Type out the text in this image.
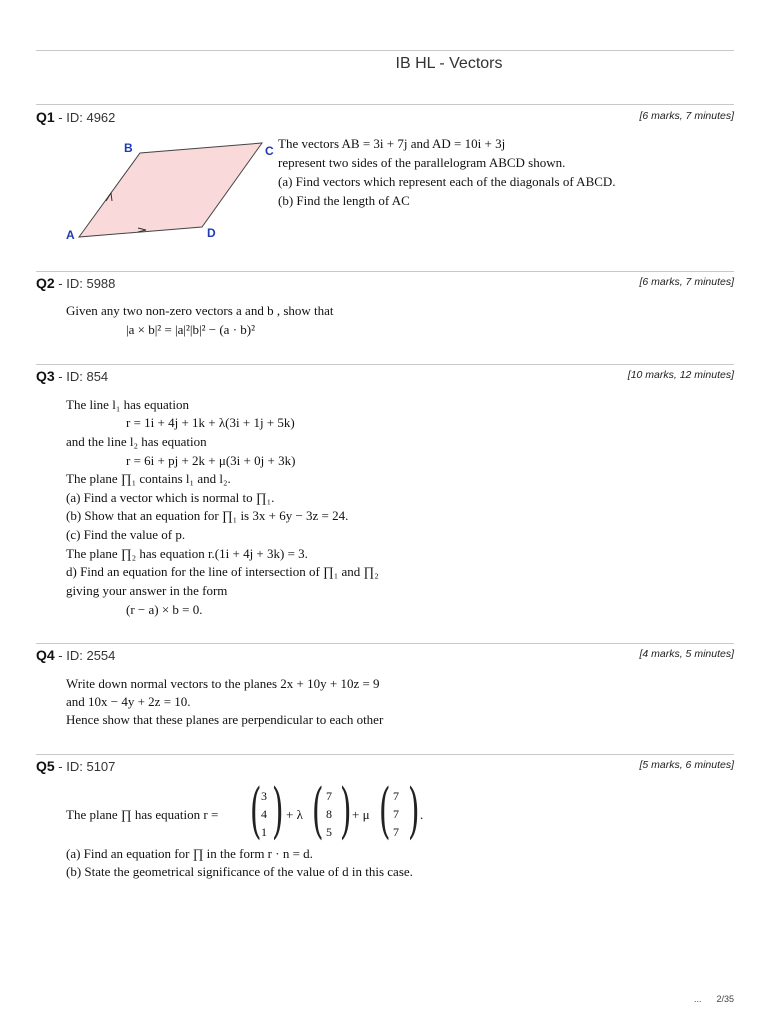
IB HL - Vectors
Q1 - ID: 4962	[6 marks, 7 minutes]
A
B	C
D
The vectors AB = 3i + 7j and AD = 10i + 3j
represent two sides of the parallelogram ABCD shown.
(a) Find vectors which represent each of the diagonals of ABCD.
(b) Find the length of AC
Q2 - ID: 5988	[6 marks, 7 minutes]
Given any two non-zero vectors a and b , show that
|a × b|² = |a|²|b|² − (a · b)²
Q3 - ID: 854	[10 marks, 12 minutes]
The line l₁ has equation
r = 1i + 4j + 1k + λ(3i + 1j + 5k)
and the line l₂ has equation
r = 6i + pj + 2k + μ(3i + 0j + 3k)
The plane ∏₁ contains l₁ and l₂.
(a) Find a vector which is normal to ∏₁.
(b) Show that an equation for ∏₁ is 3x + 6y − 3z = 24.
(c) Find the value of p.
The plane ∏₂ has equation r.(1i + 4j + 3k) = 3.
d) Find an equation for the line of intersection of ∏₁ and ∏₂
giving your answer in the form
(r − a) × b = 0.
Q4 - ID: 2554	[4 marks, 5 minutes]
Write down normal vectors to the planes 2x + 10y + 10z = 9
and 10x − 4y + 2z = 10.
Hence show that these planes are perpendicular to each other
Q5 - ID: 5107	[5 marks, 6 minutes]
The plane ∏ has equation r = ( 3
4
1 ) + λ ( 7
8
5 ) + μ ( 7
7
7 ) .
(a) Find an equation for ∏ in the form r · n = d.
(b) State the geometrical significance of the value of d in this case.
... 2/35
